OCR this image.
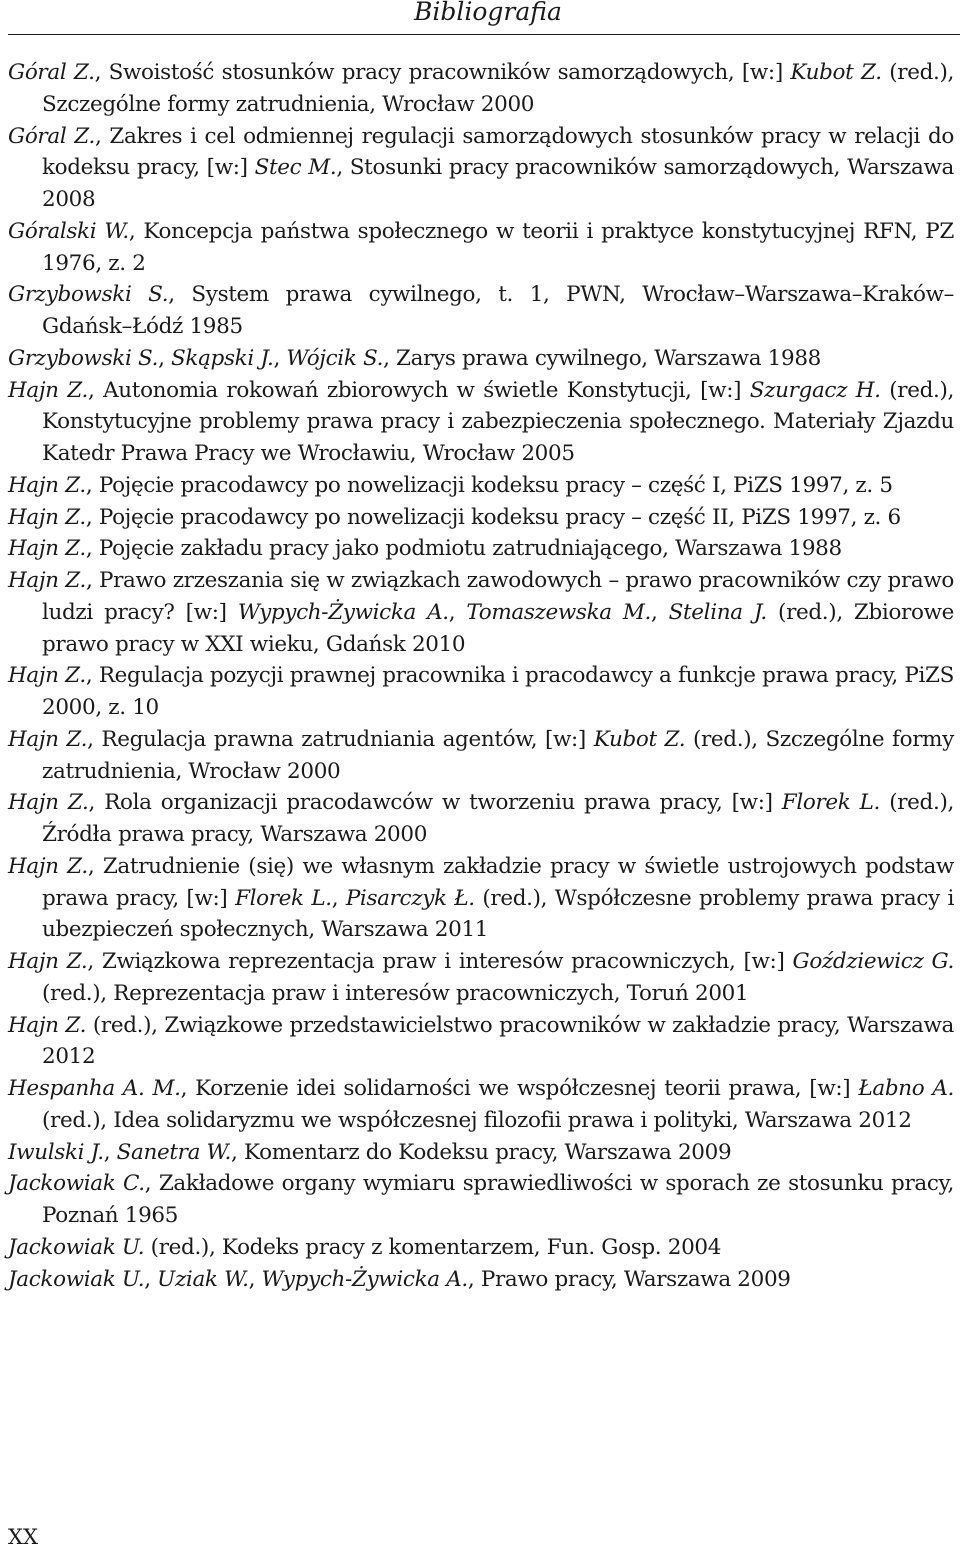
Bibliografia

Góral Z., Swoistość stosunków pracy pracowników samorządowych, [w:] Kubot Z. (red.), Szczególne formy zatrudnienia, Wrocław 2000

Góral Z., Zakres i cel odmiennej regulacji samorządowych stosunków pracy w relacji do kodeksu pracy, [w:] Stec M., Stosunki pracy pracowników samorządowych, Warszawa 2008

Góralski W., Koncepcja państwa społecznego w teorii i praktyce konstytucyjnej RFN, PZ 1976, z. 2

Grzybowski S., System prawa cywilnego, t. 1, PWN, Wrocław–Warszawa–Kraków–Gdańsk–Łódź 1985

Grzybowski S., Skąpski J., Wójcik S., Zarys prawa cywilnego, Warszawa 1988

Hajn Z., Autonomia rokowań zbiorowych w świetle Konstytucji, [w:] Szurgacz H. (red.), Konstytucyjne problemy prawa pracy i zabezpieczenia społecznego. Materiały Zjazdu Katedr Prawa Pracy we Wrocławiu, Wrocław 2005

Hajn Z., Pojęcie pracodawcy po nowelizacji kodeksu pracy – część I, PiZS 1997, z. 5

Hajn Z., Pojęcie pracodawcy po nowelizacji kodeksu pracy – część II, PiZS 1997, z. 6

Hajn Z., Pojęcie zakładu pracy jako podmiotu zatrudniającego, Warszawa 1988

Hajn Z., Prawo zrzeszania się w związkach zawodowych – prawo pracowników czy prawo ludzi pracy? [w:] Wypych-Żywicka A., Tomaszewska M., Stelina J. (red.), Zbiorowe prawo pracy w XXI wieku, Gdańsk 2010

Hajn Z., Regulacja pozycji prawnej pracownika i pracodawcy a funkcje prawa pracy, PiZS 2000, z. 10

Hajn Z., Regulacja prawna zatrudniania agentów, [w:] Kubot Z. (red.), Szczególne formy zatrudnienia, Wrocław 2000

Hajn Z., Rola organizacji pracodawców w tworzeniu prawa pracy, [w:] Florek L. (red.), Źródła prawa pracy, Warszawa 2000

Hajn Z., Zatrudnienie (się) we własnym zakładzie pracy w świetle ustrojowych podstaw prawa pracy, [w:] Florek L., Pisarczyk Ł. (red.), Współczesne problemy prawa pracy i ubezpieczeń społecznych, Warszawa 2011

Hajn Z., Związkowa reprezentacja praw i interesów pracowniczych, [w:] Goździewicz G. (red.), Reprezentacja praw i interesów pracowniczych, Toruń 2001

Hajn Z. (red.), Związkowe przedstawicielstwo pracowników w zakładzie pracy, Warszawa 2012

Hespanha A. M., Korzenie idei solidarności we współczesnej teorii prawa, [w:] Łabno A. (red.), Idea solidaryzmu we współczesnej filozofii prawa i polityki, Warszawa 2012

Iwulski J., Sanetra W., Komentarz do Kodeksu pracy, Warszawa 2009

Jackowiak C., Zakładowe organy wymiaru sprawiedliwości w sporach ze stosunku pracy, Poznań 1965

Jackowiak U. (red.), Kodeks pracy z komentarzem, Fun. Gosp. 2004

Jackowiak U., Uziak W., Wypych-Żywicka A., Prawo pracy, Warszawa 2009

XX
